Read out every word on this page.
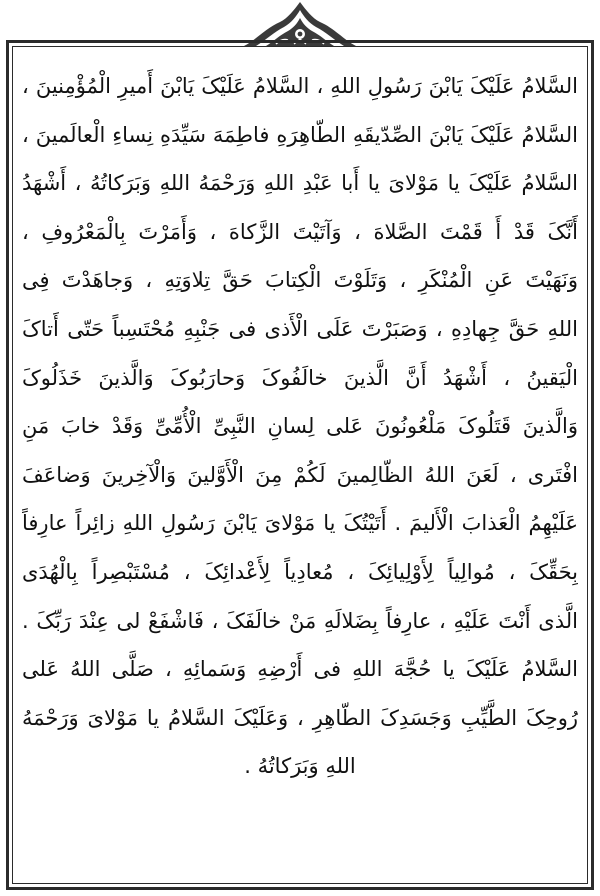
السَّلامُ عَلَیْکَ یَابْنَ رَسُولِ اللهِ ، السَّلامُ عَلَیْکَ یَابْنَ أَمیرِ الْمُؤْمِنینَ ،
السَّلامُ عَلَیْکَ یَابْنَ الصِّدّیقَهِ الطّاهِرَهِ فاطِمَهَ سَیِّدَهِ نِساءِ الْعالَمینَ ،
السَّلامُ عَلَیْکَ یا مَوْلایَ یا أَبا عَبْدِ اللهِ وَرَحْمَهُ اللهِ وَبَرَکاتُهُ ، أَشْهَدُ
أَنَّکَ قَدْ أَ قَمْتَ الصَّلاهَ ، وَآتَیْتَ الزَّکاهَ ، وَأَمَرْتَ بِالْمَعْرُوفِ ،
وَنَهَیْتَ عَنِ الْمُنْکَرِ ، وَتَلَوْتَ الْکِتابَ حَقَّ تِلاوَتِهِ ، وَجاهَدْتَ فِی
اللهِ حَقَّ جِهادِهِ ، وَصَبَرْتَ عَلَی الْأَذی فی جَنْبِهِ مُحْتَسِباً حَتّی أَتاکَ
الْیَقینُ ، أَشْهَدُ أَنَّ الَّذینَ خالَفُوکَ وَحارَبُوکَ وَالَّذینَ خَذَلُوکَ
وَالَّذینَ قَتَلُوکَ مَلْعُونُونَ عَلی لِسانِ النَّبِیِّ الْأُمِّیِّ وَقَدْ خابَ مَنِ
افْتَری ، لَعَنَ اللهُ الظّالِمینَ لَکُمْ مِنَ الْأَوَّلینَ وَالْآخِرینَ وَضاعَفَ
عَلَیْهِمُ الْعَذابَ الْأَلیمَ . أَتَیْتُکَ یا مَوْلایَ یَابْنَ رَسُولِ اللهِ زائِراً عارِفاً
بِحَقِّکَ ، مُوالِیاً لِأَوْلِیائِکَ ، مُعادِیاً لِأَعْدائِکَ ، مُسْتَبْصِراً بِالْهُدَی
الَّذی أَنْتَ عَلَیْهِ ، عارِفاً بِضَلالَهِ مَنْ خالَفَکَ ، فَاشْفَعْ لی عِنْدَ رَبِّکَ .
السَّلامُ عَلَیْکَ یا حُجَّهَ اللهِ فی أَرْضِهِ وَسَمائِهِ ، صَلَّی اللهُ عَلی
رُوحِکَ الطَّیِّبِ وَجَسَدِکَ الطّاهِرِ ، وَعَلَیْکَ السَّلامُ یا مَوْلایَ وَرَحْمَهُ
اللهِ وَبَرَکاتُهُ .
